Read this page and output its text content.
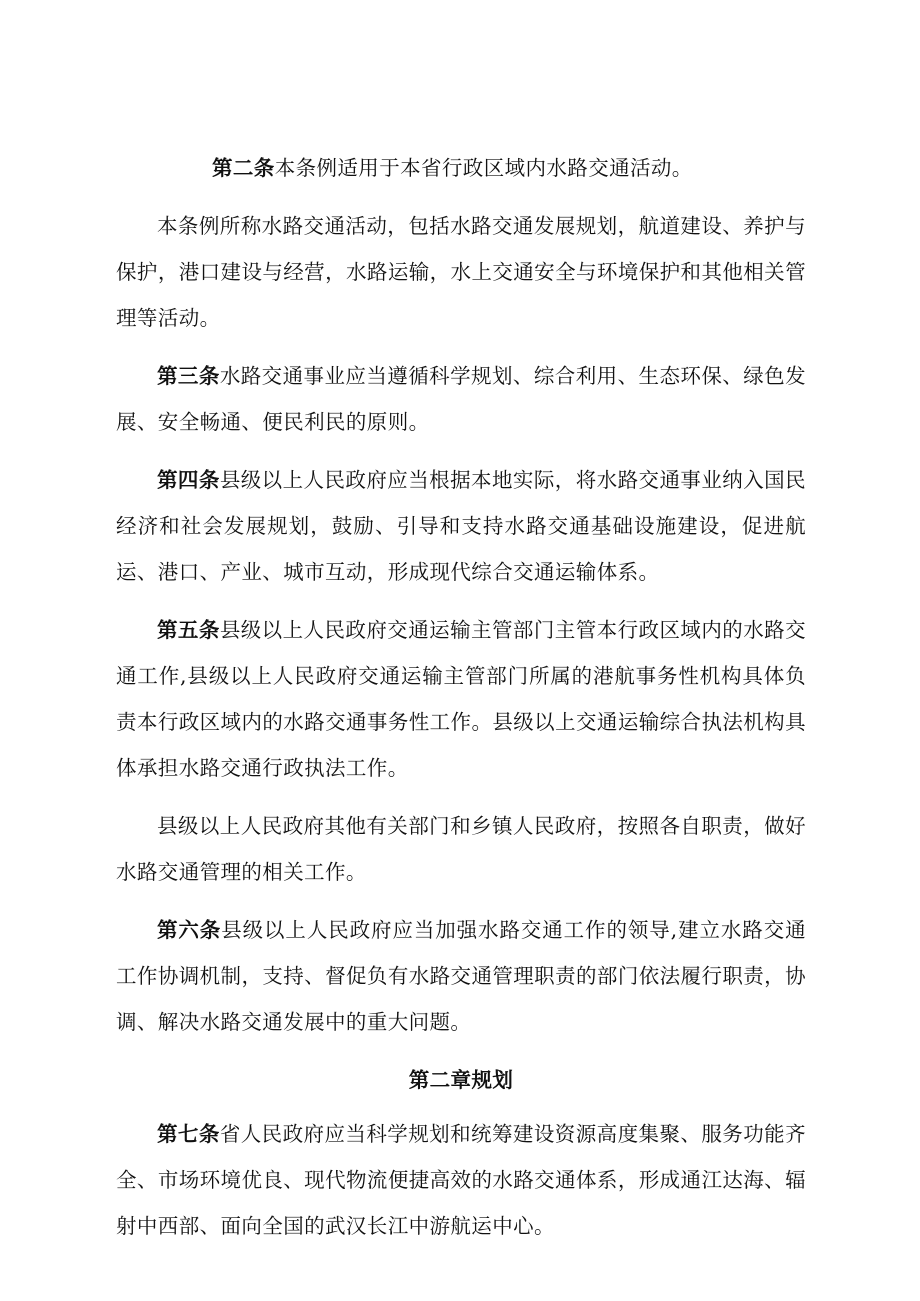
第二条本条例适用于本省行政区域内水路交通活动。

本条例所称水路交通活动，包括水路交通发展规划，航道建设、养护与保护，港口建设与经营，水路运输，水上交通安全与环境保护和其他相关管理等活动。

第三条水路交通事业应当遵循科学规划、综合利用、生态环保、绿色发展、安全畅通、便民利民的原则。

第四条县级以上人民政府应当根据本地实际，将水路交通事业纳入国民经济和社会发展规划，鼓励、引导和支持水路交通基础设施建设，促进航运、港口、产业、城市互动，形成现代综合交通运输体系。

第五条县级以上人民政府交通运输主管部门主管本行政区域内的水路交通工作,县级以上人民政府交通运输主管部门所属的港航事务性机构具体负责本行政区域内的水路交通事务性工作。县级以上交通运输综合执法机构具体承担水路交通行政执法工作。

县级以上人民政府其他有关部门和乡镇人民政府，按照各自职责，做好水路交通管理的相关工作。

第六条县级以上人民政府应当加强水路交通工作的领导,建立水路交通工作协调机制，支持、督促负有水路交通管理职责的部门依法履行职责，协调、解决水路交通发展中的重大问题。

第二章规划

第七条省人民政府应当科学规划和统筹建设资源高度集聚、服务功能齐全、市场环境优良、现代物流便捷高效的水路交通体系，形成通江达海、辐射中西部、面向全国的武汉长江中游航运中心。
